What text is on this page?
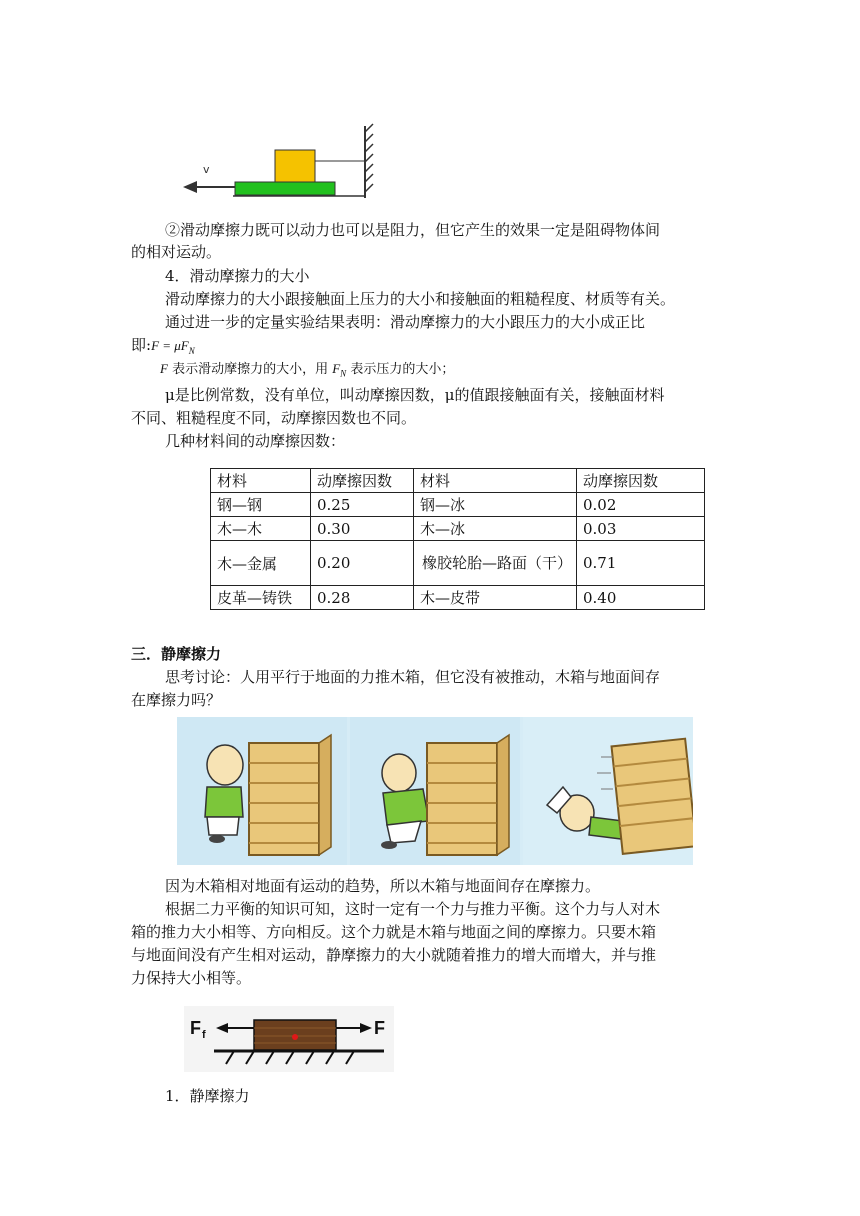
v
②滑动摩擦力既可以动力也可以是阻力，但它产生的效果一定是阻碍物体间
的相对运动。
4．滑动摩擦力的大小
滑动摩擦力的大小跟接触面上压力的大小和接触面的粗糙程度、材质等有关。
通过进一步的定量实验结果表明：滑动摩擦力的大小跟压力的大小成正比
即:F = $\mu F_N$
F 表示滑动摩擦力的大小，用 $F_N$ 表示压力的大小；
μ是比例常数，没有单位，叫动摩擦因数，μ的值跟接触面有关，接触面材料
不同、粗糙程度不同，动摩擦因数也不同。
几种材料间的动摩擦因数：
材料	动摩擦因数	材料	动摩擦因数
钢—钢	0.25	钢—冰	0.02
木—木	0.30	木—冰	0.03
木—金属	0.20	橡胶轮胎—路面（干）	0.71
皮革—铸铁	0.28	木—皮带	0.40
三．静摩擦力
思考讨论：人用平行于地面的力推木箱，但它没有被推动，木箱与地面间存
在摩擦力吗？
因为木箱相对地面有运动的趋势，所以木箱与地面间存在摩擦力。
根据二力平衡的知识可知，这时一定有一个力与推力平衡。这个力与人对木
箱的推力大小相等、方向相反。这个力就是木箱与地面之间的摩擦力。只要木箱
与地面间没有产生相对运动，静摩擦力的大小就随着推力的增大而增大，并与推
力保持大小相等。
F f	F
1．静摩擦力
